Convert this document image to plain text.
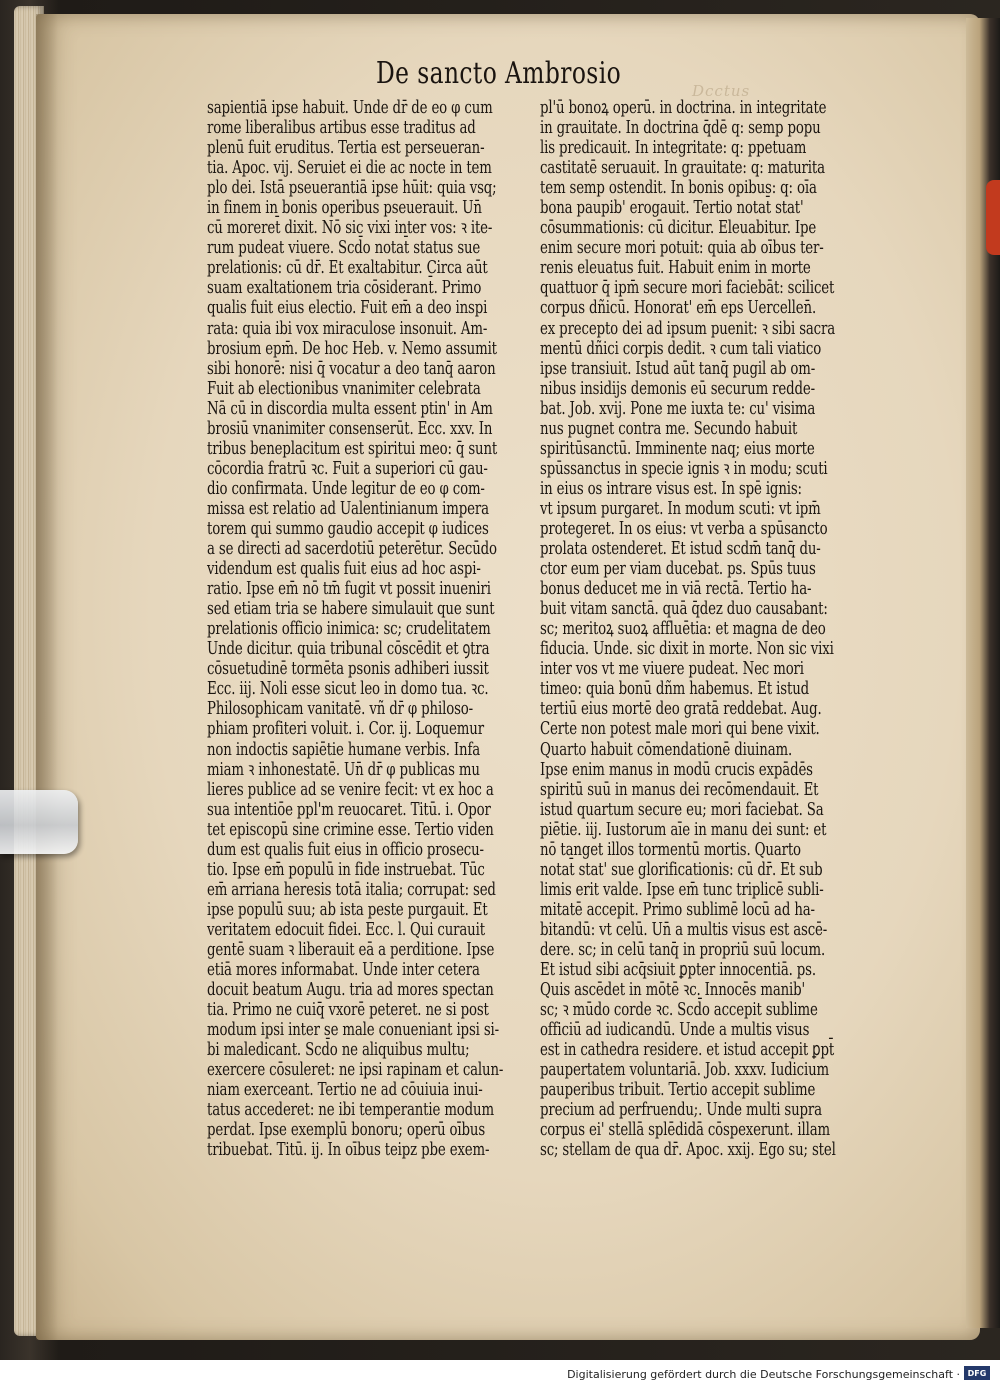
Dcctus
De sancto Ambrosio
sapientiā ipse habuit. Unde dr̄ de eo φ cum
rome liberalibus artibus esse traditus ad
plenū fuit eruditus. Tertia est perseueran-
tia. Apoc. vij. Seruiet ei die ac nocte in tem
plo dei. Istā pseuerantiā ipse hūit: quia vsq;
in finem in bonis operibus pseuerauit. Un̄
cū moreret̄ dixit. Nō sic vixi inter vos: ꝛ ite-
rum pudeat viuere. Scd̄o notat̄ status sue
prelationis: cū dr̄. Et exaltabitur. Circa aūt
suam exaltationem tria cōsiderant̄. Primo
qualis fuit eius electio. Fuit em̄ a deo inspi
rata: quia ibi vox miraculose insonuit. Am-
brosium epm̄. De hoc Heb. v. Nemo assumit
sibi honorē: nisi q̄ vocatur a deo tanq̄ aaron
Fuit ab electionibus vnanimiter celebrata
Nā cū in discordia multa essent ptin' in Am
brosiū vnanimiter consenserūt. Ecc. xxv. In
tribus beneplacitum est spiritui meo: q̄ sunt
cōcordia fratrū ꝛc. Fuit a superiori cū gau-
dio confirmata. Unde legitur de eo φ com-
missa est relatio ad Ualentinianum impera
torem qui summo gaudio accepit φ iudices
a se directi ad sacerdotiū peterētur. Secūdo
videndum est qualis fuit eius ad hoc aspi-
ratio. Ipse em̄ nō tm̄ fugit vt possit inueniri
sed etiam tria se habere simulauit que sunt
prelationis officio inimica: sc; crudelitatem
Unde dicitur. quia tribunal cōscēdit et ꝯtra
cōsuetudinē tormēta psonis adhiberi iussit
Ecc. iij. Noli esse sicut leo in domo tua. ꝛc.
Philosophicam vanitatē. vñ dr̄ φ philoso-
phiam profiteri voluit. i. Cor. ij. Loquemur
non indoctis sapiētie humane verbis. Infa
miam ꝛ inhonestatē. Un̄ dr̄ φ publicas mu
lieres publice ad se venire fecit: vt ex hoc a
sua intentiōe ppl'm reuocaret. Titū. i. Opor
tet episcopū sine crimine esse. Tertio viden
dum est qualis fuit eius in officio prosecu-
tio. Ipse em̄ populū in fide instruebat. Tūc
em̄ arriana heresis totā italia; corrupat: sed
ipse populū suu; ab ista peste purgauit. Et
veritatem edocuit fidei. Ecc. l. Qui curauit
gentē suam ꝛ liberauit eā a perditione. Ipse
etiā mores informabat. Unde inter cetera
docuit beatum Augu. tria ad mores spectan
tia. Primo ne cuiq̄ vxorē peteret. ne si post
modum ipsi inter se male conueniant ipsi si-
bi maledicant. Scd̄o ne aliquibus multu;
exercere cōsuleret: ne ipsi rapinam et calun-
niam exerceant. Tertio ne ad cōuiuia inui-
tatus accederet: ne ibi temperantie modum
perdat. Ipse exemplū bonoru; operū oībus
tribuebat. Titū. ij. In oībus teipz pbe exem-
pl'ū bonoꝝ operū. in doctrina. in integritate
in grauitate. In doctrina q̄dē q: semp popu
lis predicauit. In integritate: q: ppetuam
castitatē seruauit. In grauitate: q: maturita
tem semp ostendit. In bonis opibus: q: oīa
bona paupib' erogauit. Tertio notat̄ stat'
cōsummationis: cū dicitur. Eleuabitur. Ipe
enim secure mori potuit: quia ab oībus ter-
renis eleuatus fuit. Habuit enim in morte
quattuor q̄ ipm̄ secure mori faciebāt: scilicet
corpus dñicū. Honorat' em̄ eps Uercellen̄.
ex precepto dei ad ipsum puenit: ꝛ sibi sacra
mentū dñici corpis dedit. ꝛ cum tali viatico
ipse transiuit. Istud aūt tanq̄ pugil ab om-
nibus insidijs demonis eū securum redde-
bat. Job. xvij. Pone me iuxta te: cu' visima
nus pugnet contra me. Secundo habuit
spiritūsanctū. Imminente naq; eius morte
spūssanctus in specie ignis ꝛ in modu; scuti
in eius os intrare visus est. In spē ignis:
vt ipsum purgaret. In modum scuti: vt ipm̄
protegeret. In os eius: vt verba a spūsancto
prolata ostenderet. Et istud scdm̄ tanq̄ du-
ctor eum per viam ducebat. ps. Spūs tuus
bonus deducet me in viā rectā. Tertio ha-
buit vitam sanctā. quā q̄dez duo causabant:
sc; meritoꝝ suoꝝ affluētia: et magna de deo
fiducia. Unde. sic dixit in morte. Non sic vixi
inter vos vt me viuere pudeat. Nec mori
timeo: quia bonū dñm habemus. Et istud
tertiū eius mortē deo gratā reddebat. Aug.
Certe non potest male mori qui bene vixit.
Quarto habuit cōmendationē diuinam.
Ipse enim manus in modū crucis expādēs
spiritū suū in manus dei recōmendauit. Et
istud quartum secure eu; mori faciebat. Sa
piētie. iij. Iustorum aīe in manu dei sunt: et
nō tanget illos tormentū mortis. Quarto
notat̄ stat' sue glorificationis: cū dr̄. Et sub
limis erit valde. Ipse em̄ tunc triplicē subli-
mitatē accepit. Primo sublimē locū ad ha-
bitandū: vt celū. Un̄ a multis visus est ascē-
dere. sc; in celū tanq̄ in propriū suū locum.
Et istud sibi acq̄siuit ꝑpter innocentiā. ps.
Quis ascēdet in mōtē ꝛc. Innocēs manib'
sc; ꝛ mūdo corde ꝛc. Scd̄o accepit sublime
officiū ad iudicandū. Unde a multis visus
est in cathedra residere. et istud accepit ꝑpt̄
paupertatem voluntariā. Job. xxxv. Iudicium
pauperibus tribuit. Tertio accepit sublime
precium ad perfruendu;. Unde multi supra
corpus ei' stellā splēdidā cōspexerunt. illam
sc; stellam de qua dr̄. Apoc. xxij. Ego su; stel
Digitalisierung gefördert durch die Deutsche Forschungsgemeinschaft · DFG
